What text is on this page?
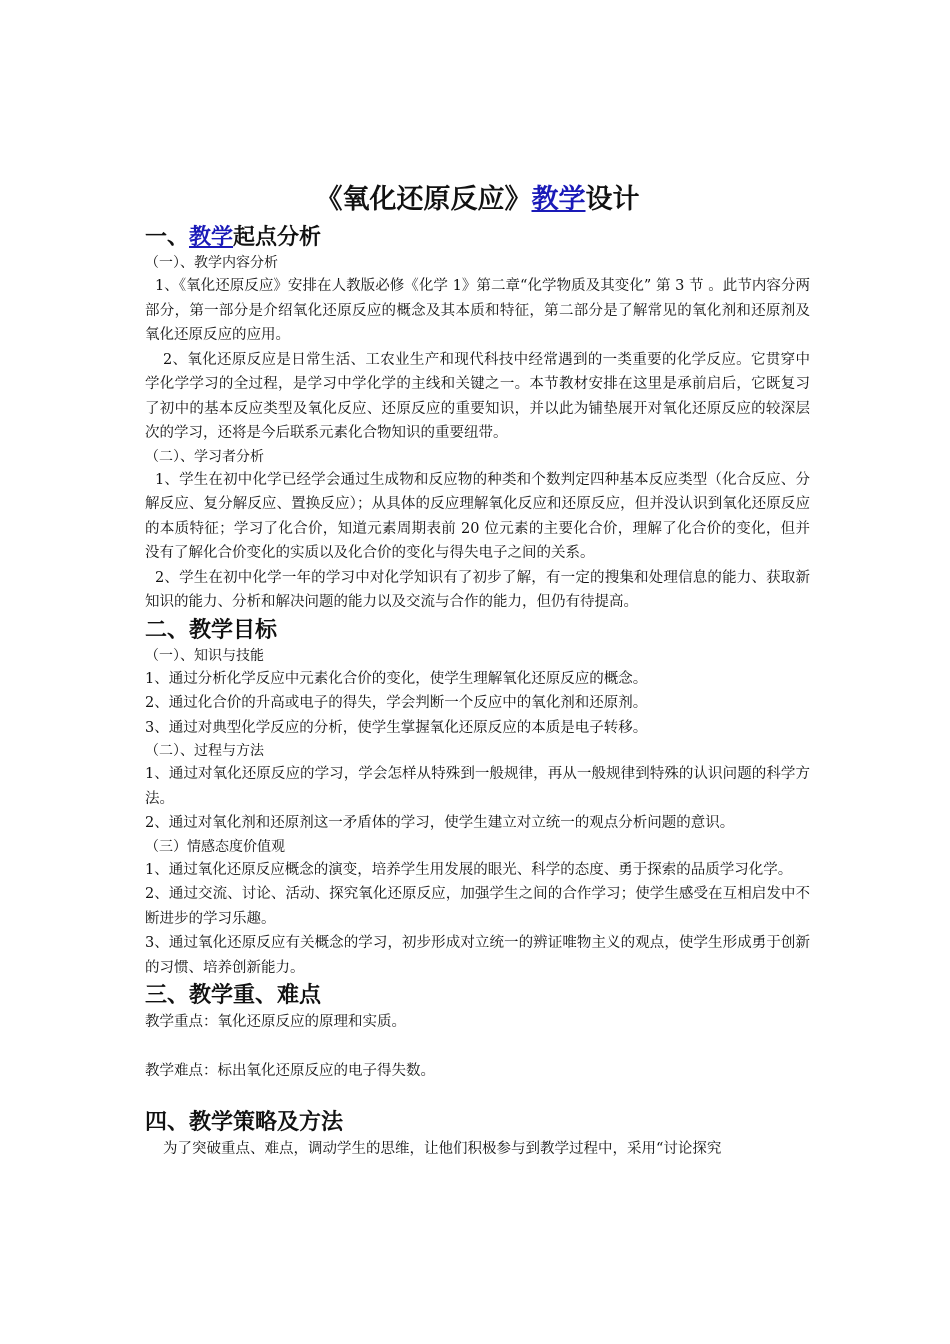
《氧化还原反应》教学设计
一、教学起点分析
（一）、教学内容分析

1、《氧化还原反应》安排在人教版必修《化学 1》第二章“化学物质及其变化” 第 3 节 。此节内容分两部分，第一部分是介绍氧化还原反应的概念及其本质和特征，第二部分是了解常见的氧化剂和还原剂及氧化还原反应的应用。

2、氧化还原反应是日常生活、工农业生产和现代科技中经常遇到的一类重要的化学反应。它贯穿中学化学学习的全过程，是学习中学化学的主线和关键之一。本节教材安排在这里是承前启后，它既复习了初中的基本反应类型及氧化反应、还原反应的重要知识，并以此为铺垫展开对氧化还原反应的较深层次的学习，还将是今后联系元素化合物知识的重要纽带。

（二）、学习者分析

1、学生在初中化学已经学会通过生成物和反应物的种类和个数判定四种基本反应类型（化合反应、分解反应、复分解反应、置换反应）；从具体的反应理解氧化反应和还原反应，但并没认识到氧化还原反应的本质特征；学习了化合价，知道元素周期表前 20 位元素的主要化合价，理解了化合价的变化，但并没有了解化合价变化的实质以及化合价的变化与得失电子之间的关系。

2、学生在初中化学一年的学习中对化学知识有了初步了解，有一定的搜集和处理信息的能力、获取新知识的能力、分析和解决问题的能力以及交流与合作的能力，但仍有待提高。

二、教学目标
（一）、知识与技能

1、通过分析化学反应中元素化合价的变化，使学生理解氧化还原反应的概念。

2、通过化合价的升高或电子的得失，学会判断一个反应中的氧化剂和还原剂。

3、通过对典型化学反应的分析，使学生掌握氧化还原反应的本质是电子转移。

（二）、过程与方法

1、通过对氧化还原反应的学习，学会怎样从特殊到一般规律，再从一般规律到特殊的认识问题的科学方法。

2、通过对氧化剂和还原剂这一矛盾体的学习，使学生建立对立统一的观点分析问题的意识。

（三）情感态度价值观

1、通过氧化还原反应概念的演变，培养学生用发展的眼光、科学的态度、勇于探索的品质学习化学。

2、通过交流、讨论、活动、探究氧化还原反应，加强学生之间的合作学习；使学生感受在互相启发中不断进步的学习乐趣。

3、通过氧化还原反应有关概念的学习，初步形成对立统一的辨证唯物主义的观点，使学生形成勇于创新的习惯、培养创新能力。

三、教学重、难点

教学重点：氧化还原反应的原理和实质。

教学难点：标出氧化还原反应的电子得失数。

四、教学策略及方法

为了突破重点、难点，调动学生的思维，让他们积极参与到教学过程中，采用“讨论探究
